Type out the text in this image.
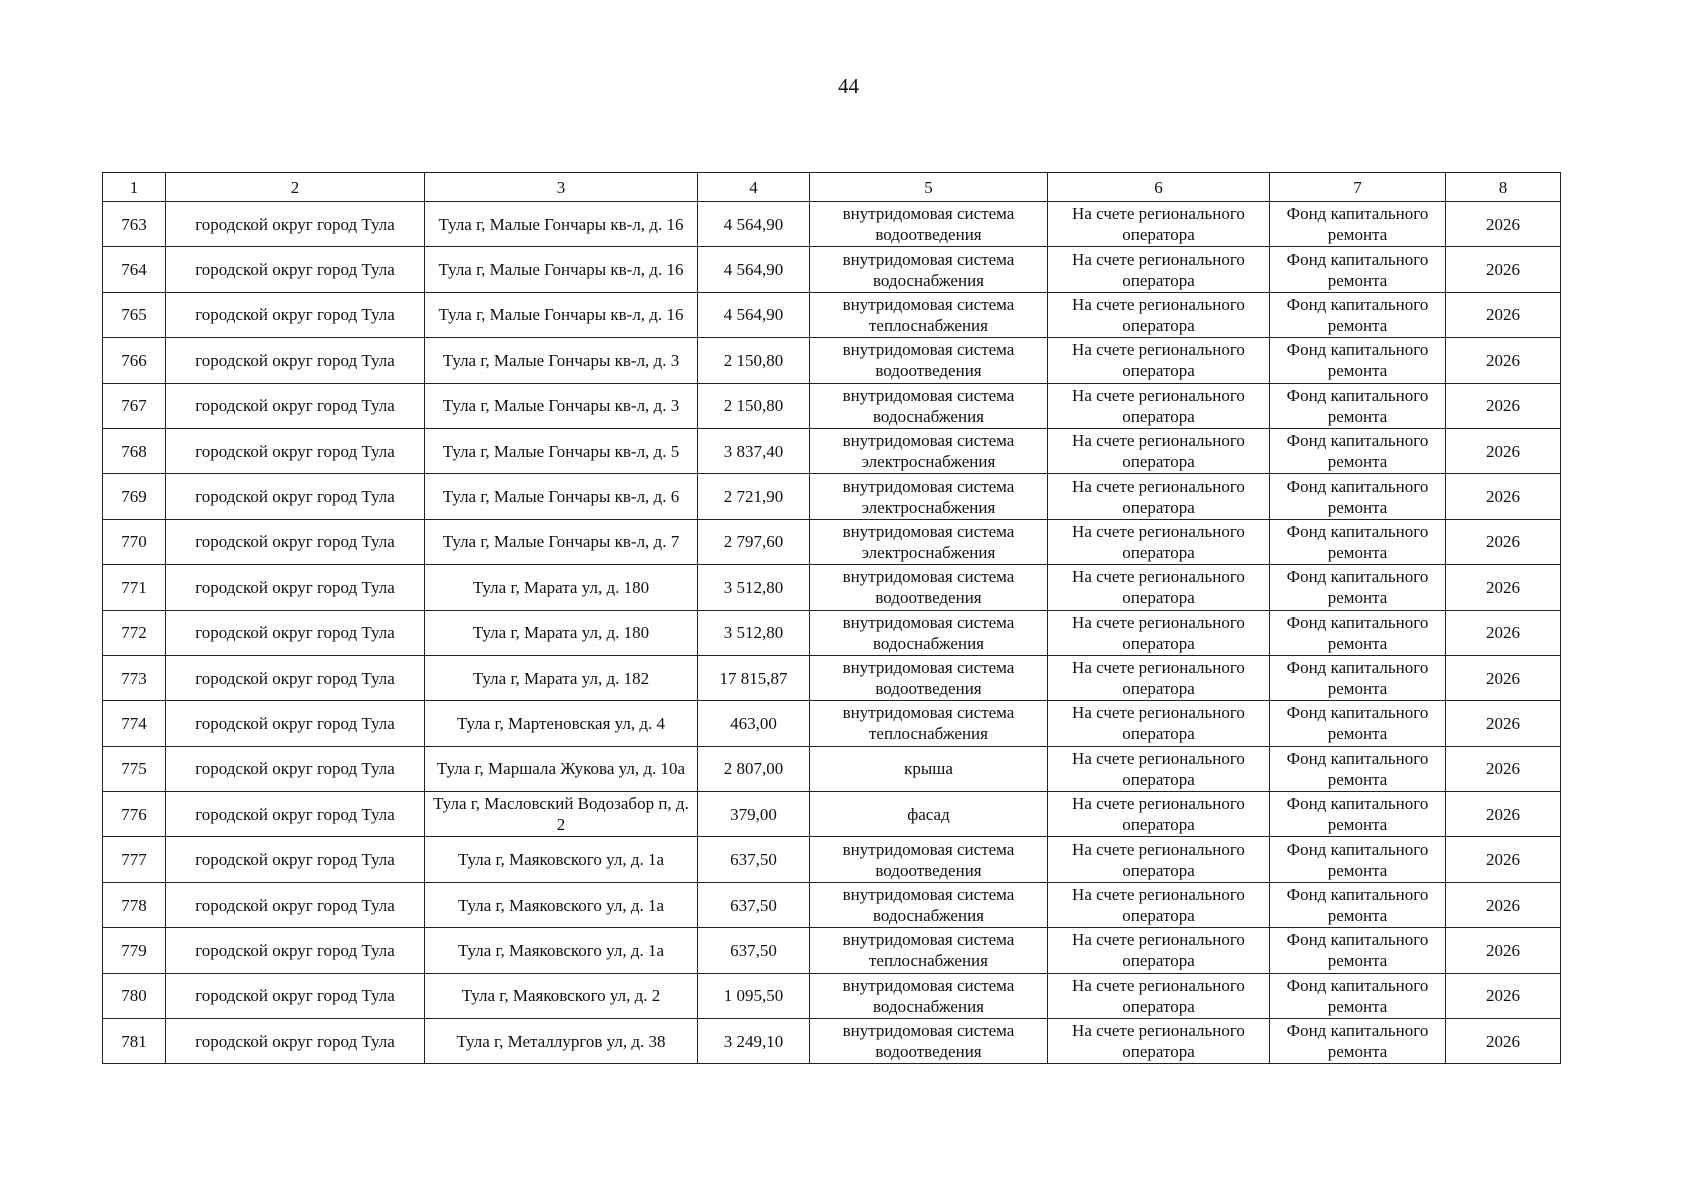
44
1	2	3	4	5	6	7	8
763	городской округ город Тула	Тула г, Малые Гончары кв-л, д. 16	4 564,90	внутридомовая система водоотведения	На счете регионального оператора	Фонд капитального ремонта	2026
764	городской округ город Тула	Тула г, Малые Гончары кв-л, д. 16	4 564,90	внутридомовая система водоснабжения	На счете регионального оператора	Фонд капитального ремонта	2026
765	городской округ город Тула	Тула г, Малые Гончары кв-л, д. 16	4 564,90	внутридомовая система теплоснабжения	На счете регионального оператора	Фонд капитального ремонта	2026
766	городской округ город Тула	Тула г, Малые Гончары кв-л, д. 3	2 150,80	внутридомовая система водоотведения	На счете регионального оператора	Фонд капитального ремонта	2026
767	городской округ город Тула	Тула г, Малые Гончары кв-л, д. 3	2 150,80	внутридомовая система водоснабжения	На счете регионального оператора	Фонд капитального ремонта	2026
768	городской округ город Тула	Тула г, Малые Гончары кв-л, д. 5	3 837,40	внутридомовая система электроснабжения	На счете регионального оператора	Фонд капитального ремонта	2026
769	городской округ город Тула	Тула г, Малые Гончары кв-л, д. 6	2 721,90	внутридомовая система электроснабжения	На счете регионального оператора	Фонд капитального ремонта	2026
770	городской округ город Тула	Тула г, Малые Гончары кв-л, д. 7	2 797,60	внутридомовая система электроснабжения	На счете регионального оператора	Фонд капитального ремонта	2026
771	городской округ город Тула	Тула г, Марата ул, д. 180	3 512,80	внутридомовая система водоотведения	На счете регионального оператора	Фонд капитального ремонта	2026
772	городской округ город Тула	Тула г, Марата ул, д. 180	3 512,80	внутридомовая система водоснабжения	На счете регионального оператора	Фонд капитального ремонта	2026
773	городской округ город Тула	Тула г, Марата ул, д. 182	17 815,87	внутридомовая система водоотведения	На счете регионального оператора	Фонд капитального ремонта	2026
774	городской округ город Тула	Тула г, Мартеновская ул, д. 4	463,00	внутридомовая система теплоснабжения	На счете регионального оператора	Фонд капитального ремонта	2026
775	городской округ город Тула	Тула г, Маршала Жукова ул, д. 10а	2 807,00	крыша	На счете регионального оператора	Фонд капитального ремонта	2026
776	городской округ город Тула	Тула г, Масловский Водозабор п, д. 2	379,00	фасад	На счете регионального оператора	Фонд капитального ремонта	2026
777	городской округ город Тула	Тула г, Маяковского ул, д. 1а	637,50	внутридомовая система водоотведения	На счете регионального оператора	Фонд капитального ремонта	2026
778	городской округ город Тула	Тула г, Маяковского ул, д. 1а	637,50	внутридомовая система водоснабжения	На счете регионального оператора	Фонд капитального ремонта	2026
779	городской округ город Тула	Тула г, Маяковского ул, д. 1а	637,50	внутридомовая система теплоснабжения	На счете регионального оператора	Фонд капитального ремонта	2026
780	городской округ город Тула	Тула г, Маяковского ул, д. 2	1 095,50	внутридомовая система водоснабжения	На счете регионального оператора	Фонд капитального ремонта	2026
781	городской округ город Тула	Тула г, Металлургов ул, д. 38	3 249,10	внутридомовая система водоотведения	На счете регионального оператора	Фонд капитального ремонта	2026
